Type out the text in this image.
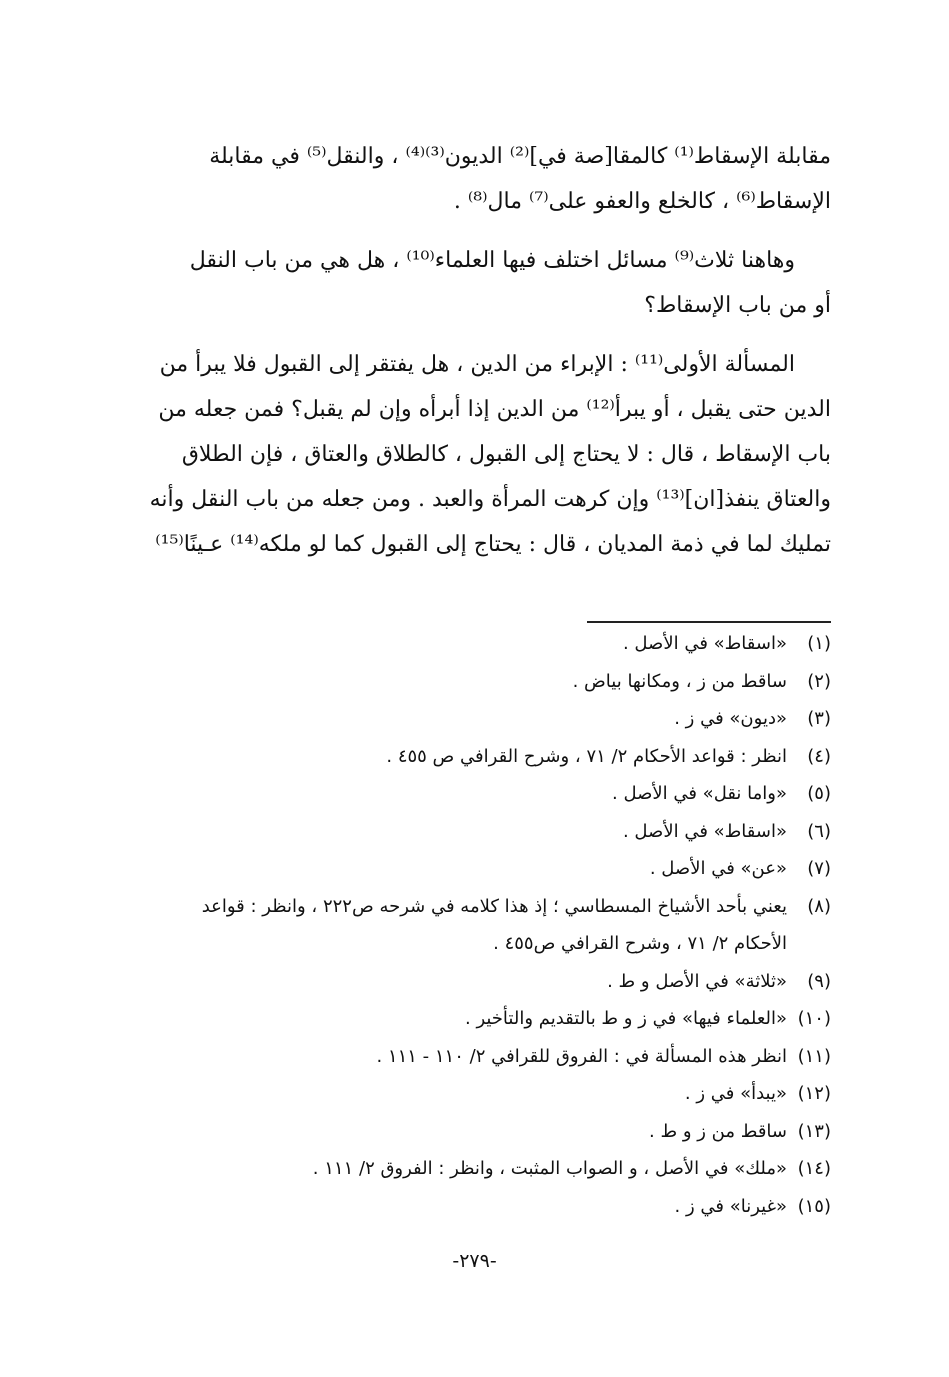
مقابلة الإسقاط⁽¹⁾ كالمقا[صة في]⁽²⁾ الديون⁽³⁾⁽⁴⁾ ، والنقل⁽⁵⁾ في مقابلة
الإسقاط⁽⁶⁾ ، كالخلع والعفو على⁽⁷⁾ مال⁽⁸⁾ .

وهاهنا ثلاث⁽⁹⁾ مسائل اختلف فيها العلماء⁽¹⁰⁾ ، هل هي من باب النقل
أو من باب الإسقاط؟

المسألة الأولى⁽¹¹⁾ : الإبراء من الدين ، هل يفتقر إلى القبول فلا يبرأ من
الدين حتى يقبل ، أو يبرأ⁽¹²⁾ من الدين إذا أبرأه وإن لم يقبل؟ فمن جعله من
باب الإسقاط ، قال : لا يحتاج إلى القبول ، كالطلاق والعتاق ، فإن الطلاق
والعتاق ينفذ[ان]⁽¹³⁾ وإن كرهت المرأة والعبد . ومن جعله من باب النقل وأنه
تمليك لما في ذمة المديان ، قال : يحتاج إلى القبول كما لو ملكه⁽¹⁴⁾ عـينًا⁽¹⁵⁾

(١)
«اسقاط» في الأصل .
(٢)
ساقط من ز ، ومكانها بياض .
(٣)
«ديون» في ز .
(٤)
انظر : قواعد الأحكام ٢/ ٧١ ، وشرح القرافي ص ٤٥٥ .
(٥)
«واما نقل» في الأصل .
(٦)
«اسقاط» في الأصل .
(٧)
«عن» في الأصل .
(٨)
يعني بأحد الأشياخ المسطاسي ؛ إذ هذا كلامه في شرحه ص٢٢٢ ، وانظر : قواعد
الأحكام ٢/ ٧١ ، وشرح القرافي ص٤٥٥ .
(٩)
«ثلاثة» في الأصل و ط .
(١٠)
«العلماء فيها» في ز و ط بالتقديم والتأخير .
(١١)
انظر هذه المسألة في : الفروق للقرافي ٢/ ١١٠ - ١١١ .
(١٢)
«يبدأ» في ز .
(١٣)
ساقط من ز و ط .
(١٤)
«ملك» في الأصل ، و الصواب المثبت ، وانظر : الفروق ٢/ ١١١ .
(١٥)
«غيرنا» في ز .
-٢٧٩-
